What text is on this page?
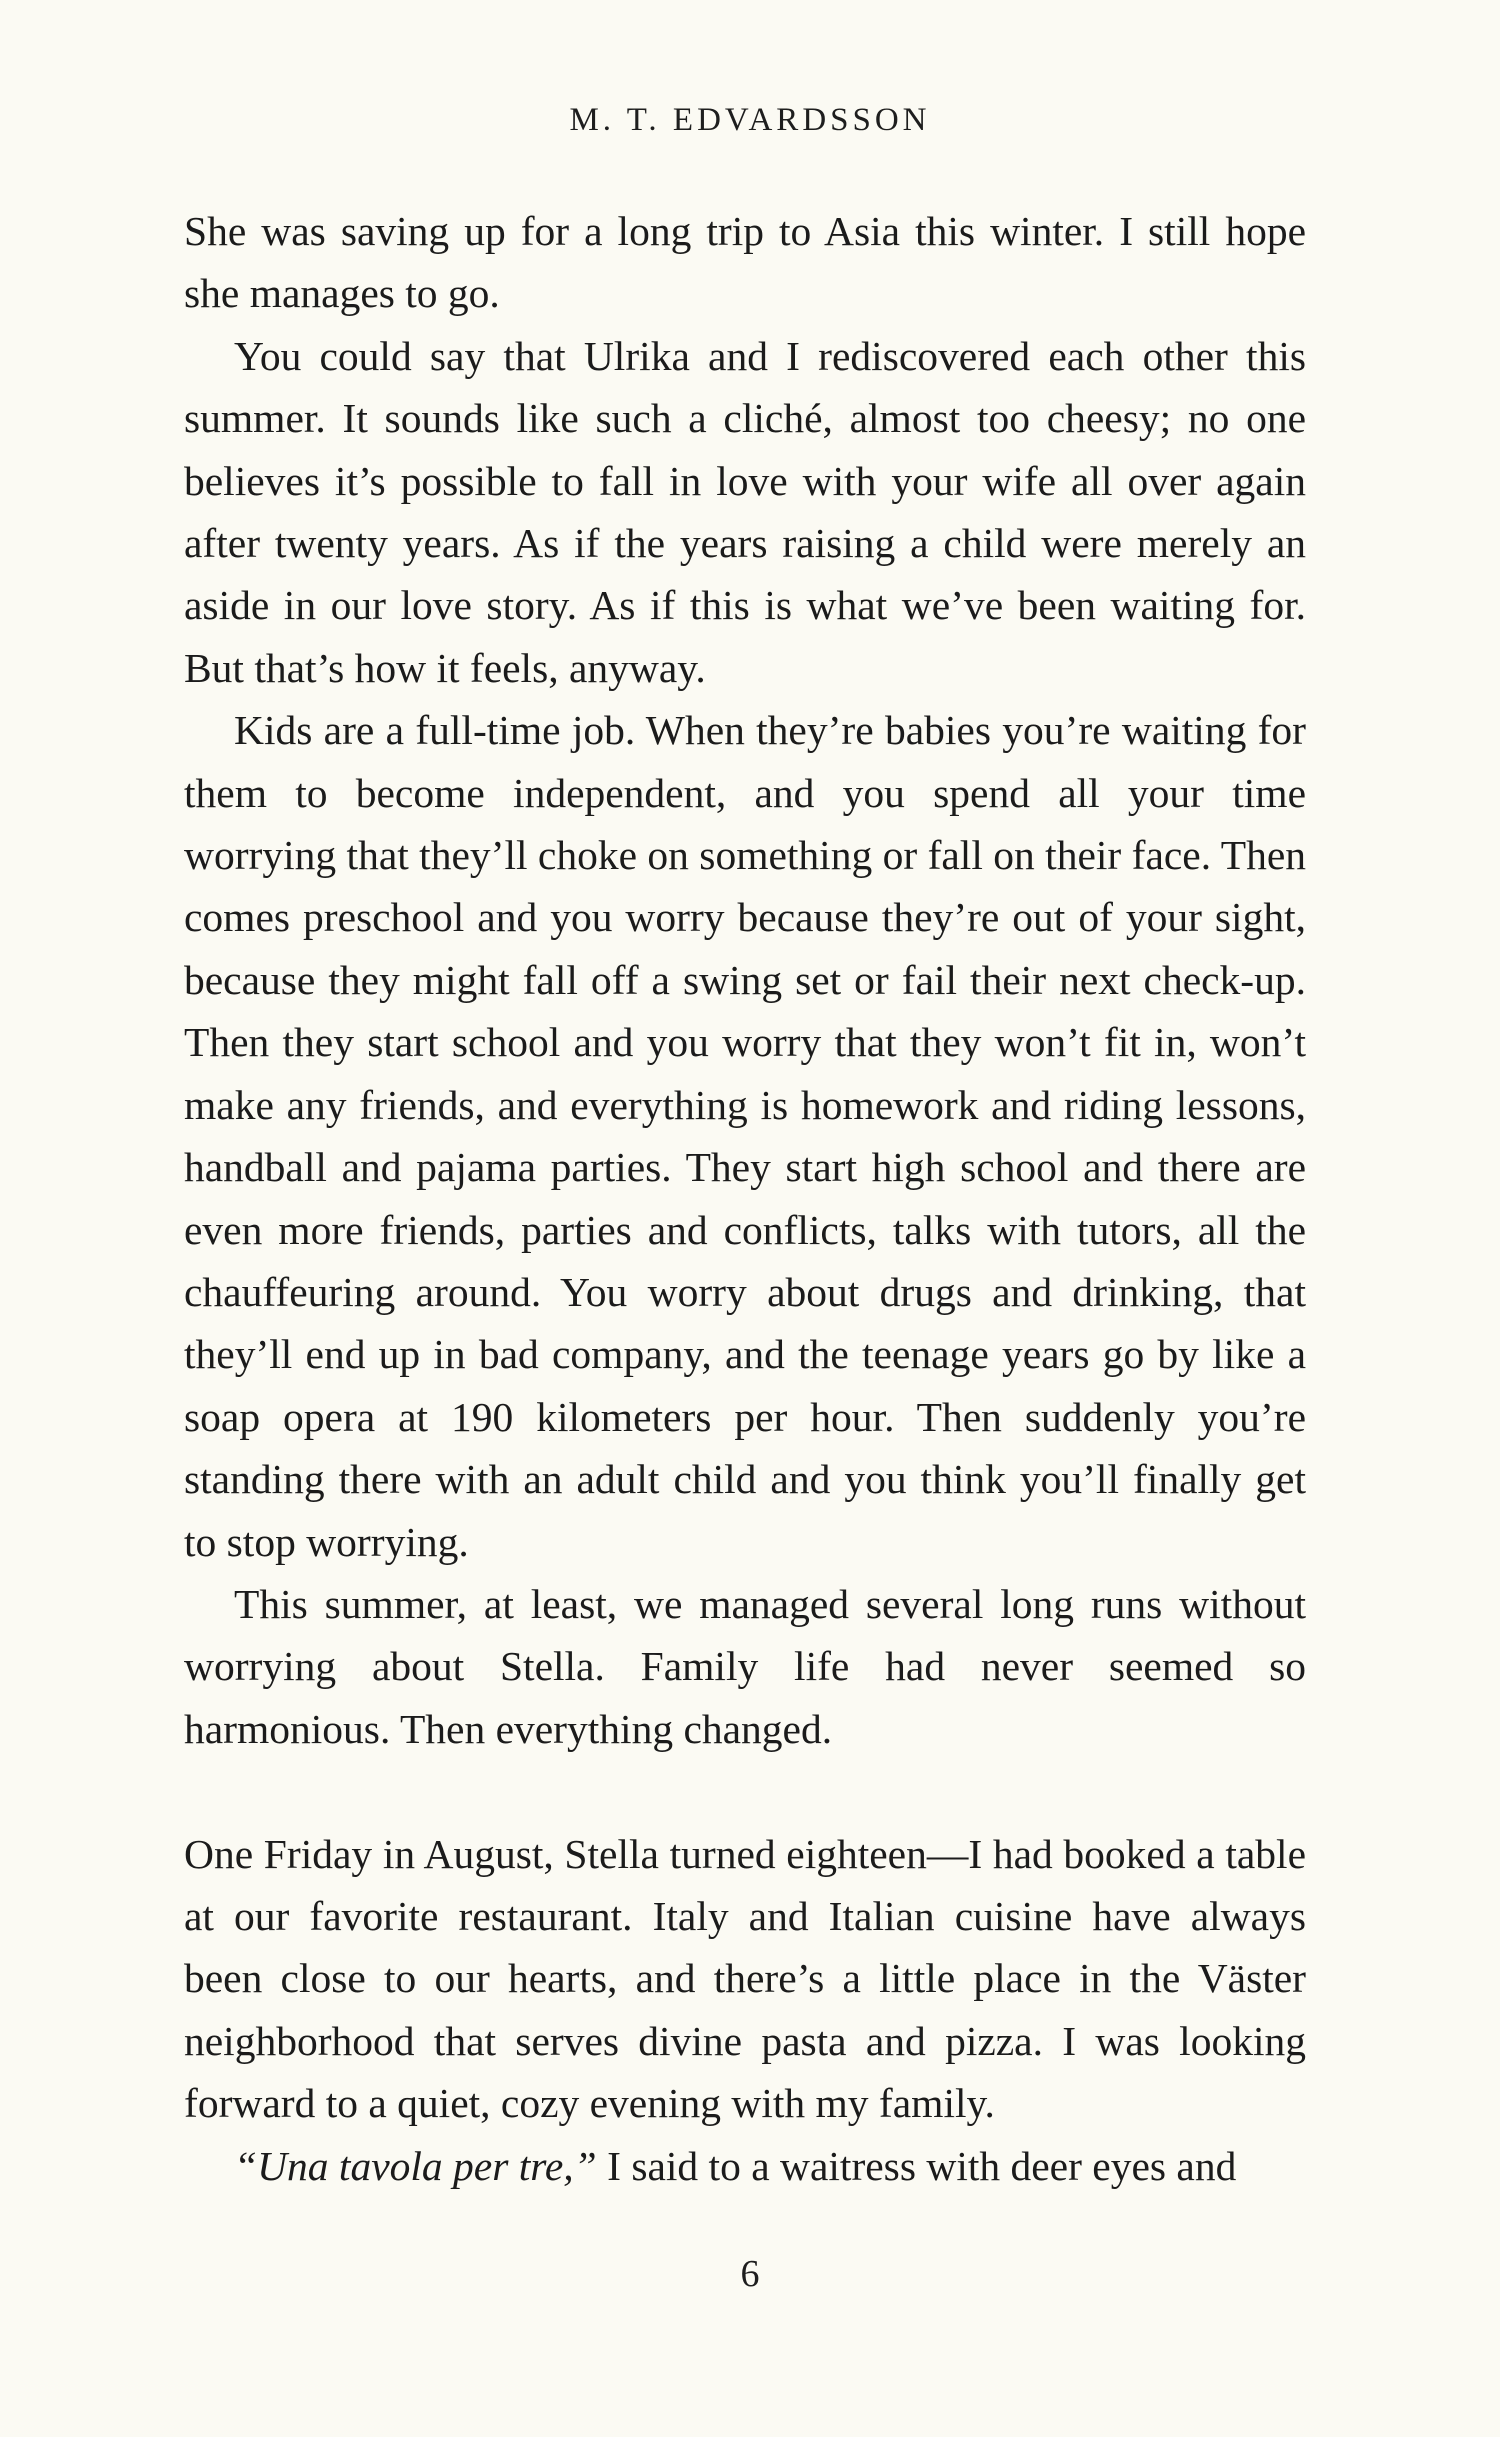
M. T. EDVARDSSON

She was saving up for a long trip to Asia this winter. I still hope she manages to go.

You could say that Ulrika and I rediscovered each other this summer. It sounds like such a cliché, almost too cheesy; no one believes it’s possible to fall in love with your wife all over again after twenty years. As if the years raising a child were merely an aside in our love story. As if this is what we’ve been waiting for. But that’s how it feels, anyway.

Kids are a full-time job. When they’re babies you’re waiting for them to become independent, and you spend all your time worrying that they’ll choke on something or fall on their face. Then comes preschool and you worry because they’re out of your sight, because they might fall off a swing set or fail their next check-up. Then they start school and you worry that they won’t fit in, won’t make any friends, and everything is homework and riding lessons, handball and pajama parties. They start high school and there are even more friends, parties and conflicts, talks with tutors, all the chauffeuring around. You worry about drugs and drinking, that they’ll end up in bad company, and the teenage years go by like a soap opera at 190 kilometers per hour. Then suddenly you’re standing there with an adult child and you think you’ll finally get to stop worrying.

This summer, at least, we managed several long runs without worrying about Stella. Family life had never seemed so harmonious. Then everything changed.

One Friday in August, Stella turned eighteen—I had booked a table at our favorite restaurant. Italy and Italian cuisine have always been close to our hearts, and there’s a little place in the Väster neighborhood that serves divine pasta and pizza. I was looking forward to a quiet, cozy evening with my family.

“Una tavola per tre,” I said to a waitress with deer eyes and

6
